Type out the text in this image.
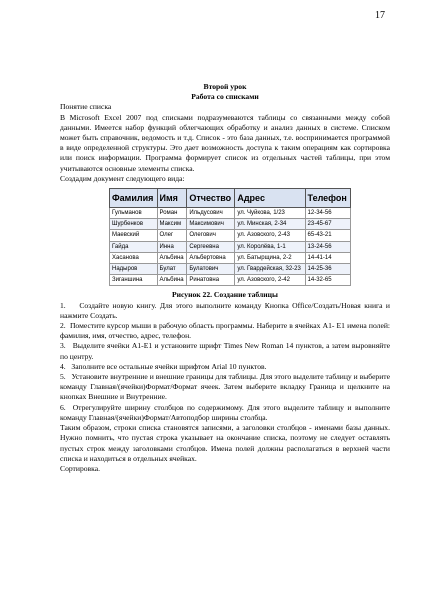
17

Второй урок

Работа со списками

Понятие списка

В Microsoft Excel 2007 под списками подразумеваются таблицы со связанными между собой данными. Имеется набор функций облегчающих обработку и анализ данных в системе. Списком может быть справочник, ведомость и т.д. Список - это база данных, т.е. воспринимается программой в виде определенной структуры. Это дает возможность доступа к таким операциям как сортировка или поиск информации. Программа формирует список из отдельных частей таблицы, при этом учитываются основные элементы списка.

Создадим документ следующего вида:

Фамилия	Имя	Отчество	Адрес	Телефон
Гульманов	Роман	Ильдусович	ул. Чуйкова, 1/23	12-34-56
Шурбенков	Максим	Максимович	ул. Минская, 2-34	23-45-67
Маевский	Олег	Олегович	ул. Азовского, 2-43	65-43-21
Гайда	Инна	Сергеевна	ул. Королёва, 1-1	13-24-56
Хасанова	Альбина	Альбертовна	ул. Батырщина, 2-2	14-41-14
Надыров	Булат	Булатович	ул. Гвардейская, 32-23	14-25-36
Зиганшина	Альбина	Ринатовна	ул. Азовского, 2-42	14-32-65

Рисунок 22. Создание таблицы

1.    Создайте новую книгу. Для этого выполните команду Кнопка Office/Создать/Новая книга и нажмите Создать.

2.  Поместите курсор мыши в рабочую область программы. Наберите в ячейках A1- E1 имена полей: фамилия, имя, отчество, адрес, телефон.

3.   Выделите ячейки A1-E1 и установите шрифт Times New Roman 14 пунктов, а затем выровняйте по центру.

4.   Заполните все остальные ячейки шрифтом Arial 10 пунктов.

5.   Установите внутренние и внешние границы для таблицы. Для этого выделите таблицу и выберите команду Главная/(ячейки)Формат/Формат ячеек. Затем выберите вкладку Граница и щелкните на кнопках Внешние и Внутренние.

6.  Отрегулируйте ширину столбцов по содержимому. Для этого выделите таблицу и выполните команду Главная/(ячейки)Формат/Автоподбор ширины столбца.

Таким образом, строки списка становятся записями, а заголовки столбцов - именами базы данных. Нужно помнить, что пустая строка указывает на окончание списка, поэтому не следует оставлять пустых строк между заголовками столбцов. Имена полей должны располагаться в верхней части списка и находиться в отдельных ячейках.

Сортировка.
